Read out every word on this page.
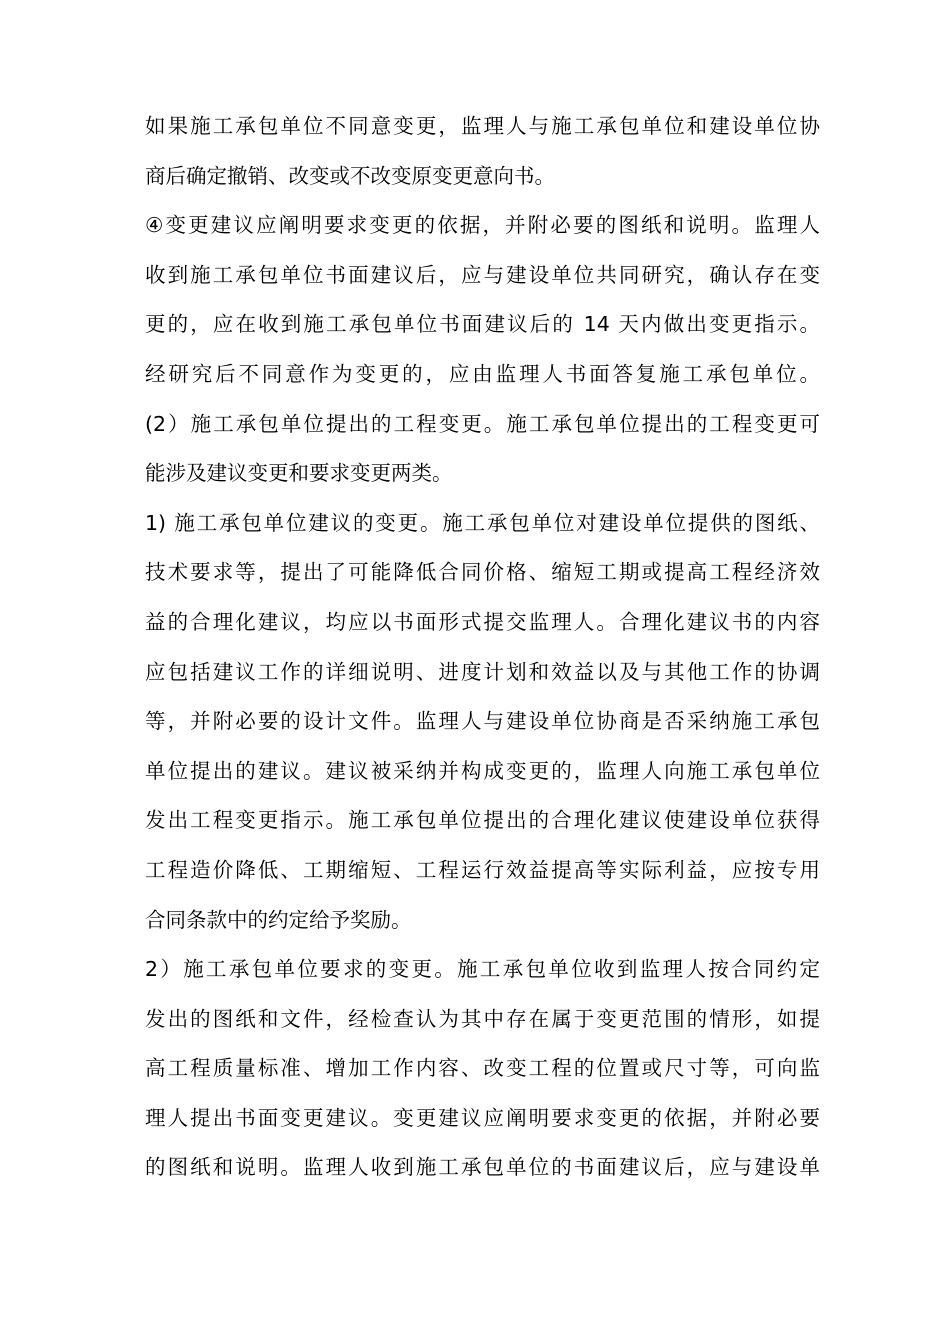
如果施工承包单位不同意变更，监理人与施工承包单位和建设单位协
商后确定撤销、改变或不改变原变更意向书。
④变更建议应阐明要求变更的依据，并附必要的图纸和说明。监理人
收到施工承包单位书面建议后，应与建设单位共同研究，确认存在变
更的，应在收到施工承包单位书面建议后的 14 天内做出变更指示。
经研究后不同意作为变更的，应由监理人书面答复施工承包单位。
(2）施工承包单位提出的工程变更。施工承包单位提出的工程变更可
能涉及建议变更和要求变更两类。
1) 施工承包单位建议的变更。施工承包单位对建设单位提供的图纸、
技术要求等，提出了可能降低合同价格、缩短工期或提高工程经济效
益的合理化建议，均应以书面形式提交监理人。合理化建议书的内容
应包括建议工作的详细说明、进度计划和效益以及与其他工作的协调
等，并附必要的设计文件。监理人与建设单位协商是否采纳施工承包
单位提出的建议。建议被采纳并构成变更的，监理人向施工承包单位
发出工程变更指示。施工承包单位提出的合理化建议使建设单位获得
工程造价降低、工期缩短、工程运行效益提高等实际利益，应按专用
合同条款中的约定给予奖励。
2）施工承包单位要求的变更。施工承包单位收到监理人按合同约定
发出的图纸和文件，经检查认为其中存在属于变更范围的情形，如提
高工程质量标准、增加工作内容、改变工程的位置或尺寸等，可向监
理人提出书面变更建议。变更建议应阐明要求变更的依据，并附必要
的图纸和说明。监理人收到施工承包单位的书面建议后，应与建设单
